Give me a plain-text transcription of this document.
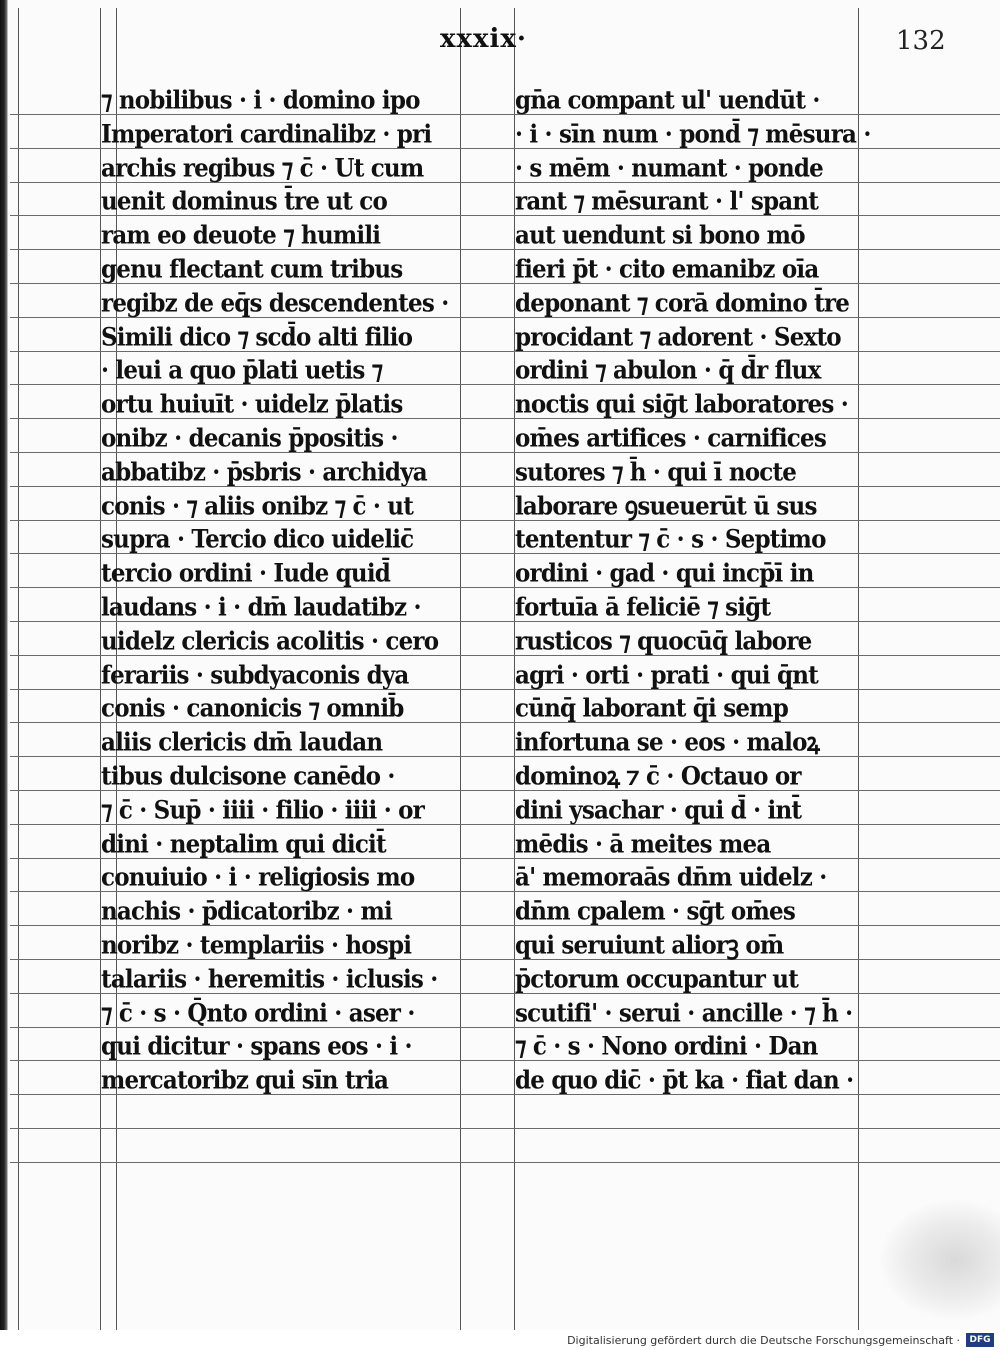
xxxix·	132
⁊ nobilibus · i · domino ipo
Imperatori cardinalibz · pri
archis regibus ⁊ c̄ · Ut cum
uenit dominus t̄re ut co
ram eo deuote ⁊ humili
genu flectant cum tribus
regibz de eq̄s descendentes ·
Simili dico ⁊ scd̄o alti filio
· leui a quo p̄lati uetis ⁊
ortu huiuīt · uidelz p̄latis
onibz · decanis p̄positis ·
abbatibz · p̄sbris · archidya
conis · ⁊ aliis onibz ⁊ c̄ · ut
supra · Tercio dico uidelic̄
tercio ordini · Iude quid̄
laudans · i · dm̄ laudatibz ·
uidelz clericis acolitis · cero
ferariis · subdyaconis dya
conis · canonicis ⁊ omnib̄
aliis clericis dm̄ laudan
tibus dulcisone canēdo ·
⁊ c̄ · Sup̄ · iiii · filio · iiii · or
dini · neptalim qui dicit̄
conuiuio · i · religiosis mo
nachis · p̄dicatoribz · mi
noribz · templariis · hospi
talariis · heremitis · iclusis ·
⁊ c̄ · s · Q̄nto ordini · aser ·
qui dicitur · spans eos · i ·
mercatoribz qui sīn tria
gn̄a compant ul' uendūt ·
· i · sīn num · pond̄ ⁊ mēsura ·
· s mēm · numant · ponde
rant ⁊ mēsurant · l' spant
aut uendunt si bono mō
fieri p̄t · cito emanibz oīa
deponant ⁊ corā domino t̄re
procidant ⁊ adorent · Sexto
ordini ⁊ abulon · q̄ d̄r flux
noctis qui siḡt laboratores ·
om̄es artifices · carnifices
sutores ⁊ h̄ · qui ī nocte
laborare ꝯsueuerūt ū sus
tententur ⁊ c̄ · s · Septimo
ordini · gad · qui incp̄ī in
fortuīa ā feliciē ⁊ siḡt
rusticos ⁊ quocūq̄ labore
agri · orti · prati · qui q̄nt
cūnq̄ laborant q̄i semp
infortuna se · eos · maloꝝ
dominoꝝ ⁊ c̄ · Octauo or
dini ysachar · qui d̄ · int̄
mēdis · ā meites mea
ā' memoraās dn̄m uidelz ·
dn̄m cpalem · sḡt om̄es
qui seruiunt aliorꝫ om̄
p̄ctorum occupantur ut
scutifi' · serui · ancille · ⁊ h̄ ·
⁊ c̄ · s · Nono ordini · Dan
de quo dic̄ · p̄t ka · fiat dan ·
Digitalisierung gefördert durch die Deutsche Forschungsgemeinschaft ·	DFG
